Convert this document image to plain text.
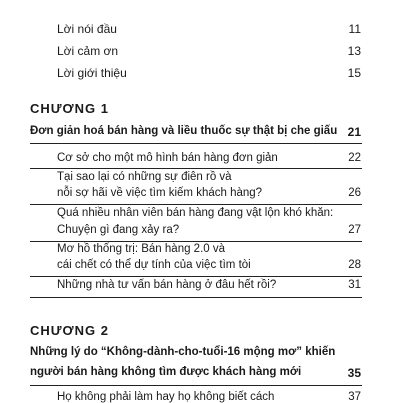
Lời nói đầu	11
Lời cảm ơn	13
Lời giới thiệu	15
CHƯƠNG 1
Đơn giản hoá bán hàng và liều thuốc sự thật bị che giấu 21
Cơ sở cho một mô hình bán hàng đơn giản	22
Tại sao lại có những sự điên rồ và
nỗi sợ hãi về việc tìm kiếm khách hàng?	26
Quá nhiều nhân viên bán hàng đang vật lộn khó khăn:
Chuyện gì đang xảy ra?	27
Mơ hồ thống trị: Bán hàng 2.0 và
cái chết có thể dự tính của việc tìm tòi	28
Những nhà tư vấn bán hàng ở đâu hết rồi?	31
CHƯƠNG 2
Những lý do “Không-dành-cho-tuổi-16 mộng mơ” khiến
người bán hàng không tìm được khách hàng mới	35
Họ không phải làm hay họ không biết cách	37
